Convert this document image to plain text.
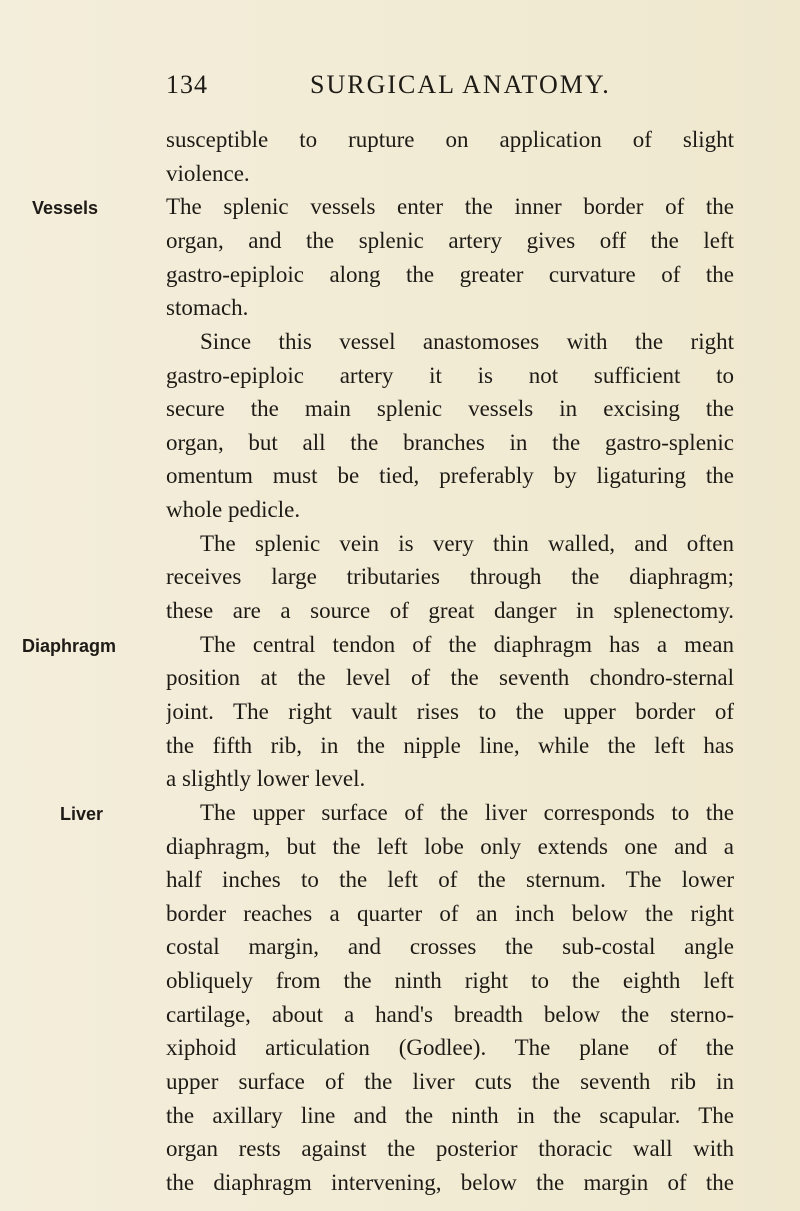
134	SURGICAL ANATOMY.
Vessels
Diaphragm
Liver
susceptible to rupture on application of slight
violence.
The splenic vessels enter the inner border of the
organ, and the splenic artery gives off the left
gastro-epiploic along the greater curvature of the
stomach.
Since this vessel anastomoses with the right
gastro-epiploic artery it is not sufficient to
secure the main splenic vessels in excising the
organ, but all the branches in the gastro-splenic
omentum must be tied, preferably by ligaturing the
whole pedicle.
The splenic vein is very thin walled, and often
receives large tributaries through the diaphragm;
these are a source of great danger in splenectomy.
The central tendon of the diaphragm has a mean
position at the level of the seventh chondro-sternal
joint. The right vault rises to the upper border of
the fifth rib, in the nipple line, while the left has
a slightly lower level.
The upper surface of the liver corresponds to the
diaphragm, but the left lobe only extends one and a
half inches to the left of the sternum. The lower
border reaches a quarter of an inch below the right
costal margin, and crosses the sub-costal angle
obliquely from the ninth right to the eighth left
cartilage, about a hand's breadth below the sterno-
xiphoid articulation (Godlee). The plane of the
upper surface of the liver cuts the seventh rib in
the axillary line and the ninth in the scapular. The
organ rests against the posterior thoracic wall with
the diaphragm intervening, below the margin of the
